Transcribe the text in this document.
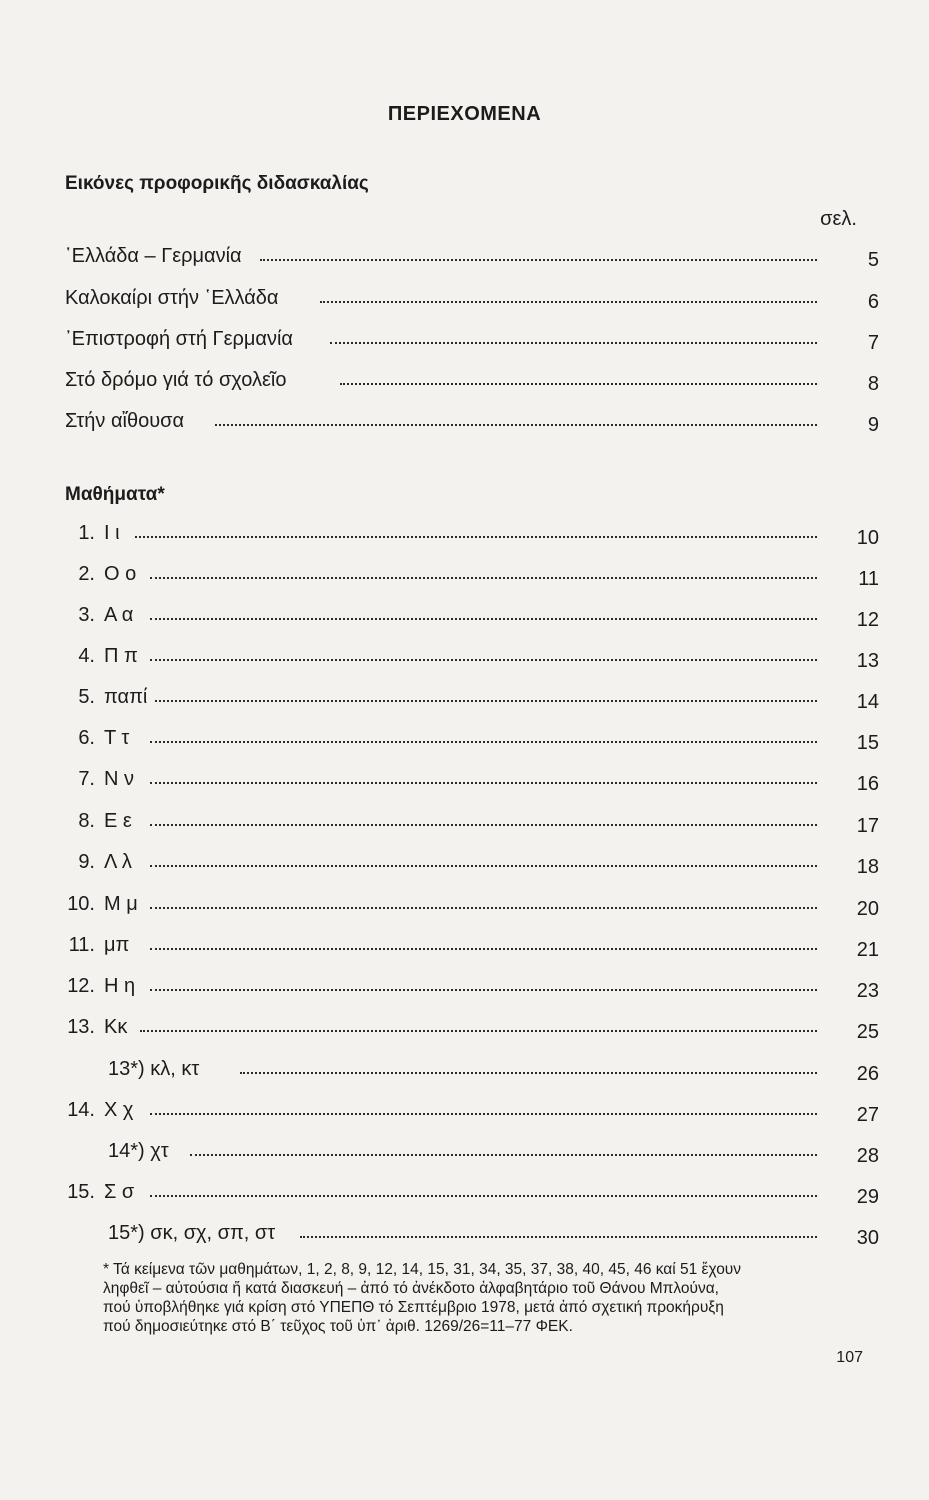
ΠΕΡΙΕΧΟΜΕΝΑ
Εικόνες προφορικῆς διδασκαλίας
σελ.
῾Ελλάδα – Γερμανία	5
Καλοκαίρι στήν ῾Ελλάδα	6
᾿Επιστροφή στή Γερμανία	7
Στό δρόμο γιά τό σχολεῖο	8
Στήν αἴθουσα	9
Μαθήματα*
1. Ι ι	10
2. Ο ο	11
3. Α α	12
4. Π π	13
5. παπί	14
6. Τ τ	15
7. Ν ν	16
8. Ε ε	17
9. Λ λ	18
10. Μ μ	20
11. μπ	21
12. Η η	23
13. Κκ	25
13*) κλ, κτ	26
14. Χ χ	27
14*) χτ	28
15. Σ σ	29
15*) σκ, σχ, σπ, στ	30
* Τά κείμενα τῶν μαθημάτων, 1, 2, 8, 9, 12, 14, 15, 31, 34, 35, 37, 38, 40, 45, 46 καί 51 ἔχουν
ληφθεῖ – αὐτούσια ἤ κατά διασκευή – ἀπό τό ἀνέκδοτο ἀλφαβητάριο τοῦ Θάνου Μπλούνα,
πού ὑποβλήθηκε γιά κρίση στό ΥΠΕΠΘ τό Σεπτέμβριο 1978, μετά ἀπό σχετική προκήρυξη
πού δημοσιεύτηκε στό Β΄ τεῦχος τοῦ ὑπ᾿ ἀριθ. 1269/26=11–77 ΦΕΚ.
107
